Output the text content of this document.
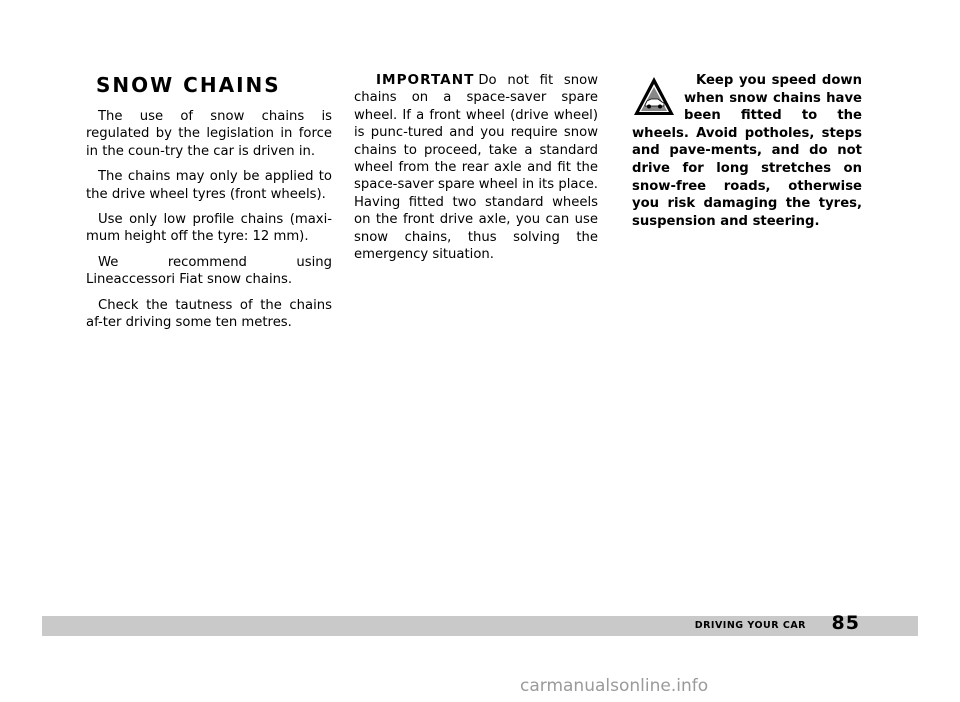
SNOW CHAINS

The use of snow chains is regulated by the legislation in force in the coun-try the car is driven in.

The chains may only be applied to the drive wheel tyres (front wheels).

Use only low profile chains (maxi-mum height off the tyre: 12 mm).

We recommend using Lineaccessori Fiat snow chains.

Check the tautness of the chains af-ter driving some ten metres.

IMPORTANT Do not fit snow chains on a space-saver spare wheel. If a front wheel (drive wheel) is punc-tured and you require snow chains to proceed, take a standard wheel from the rear axle and fit the space-saver spare wheel in its place. Having fitted two standard wheels on the front drive axle, you can use snow chains, thus solving the emergency situation.

Keep you speed down when snow chains have been fitted to the wheels. Avoid potholes, steps and pave-ments, and do not drive for long stretches on snow-free roads, otherwise you risk damaging the tyres, suspension and steering.

DRIVING YOUR CAR 85
carmanualsonline.info
